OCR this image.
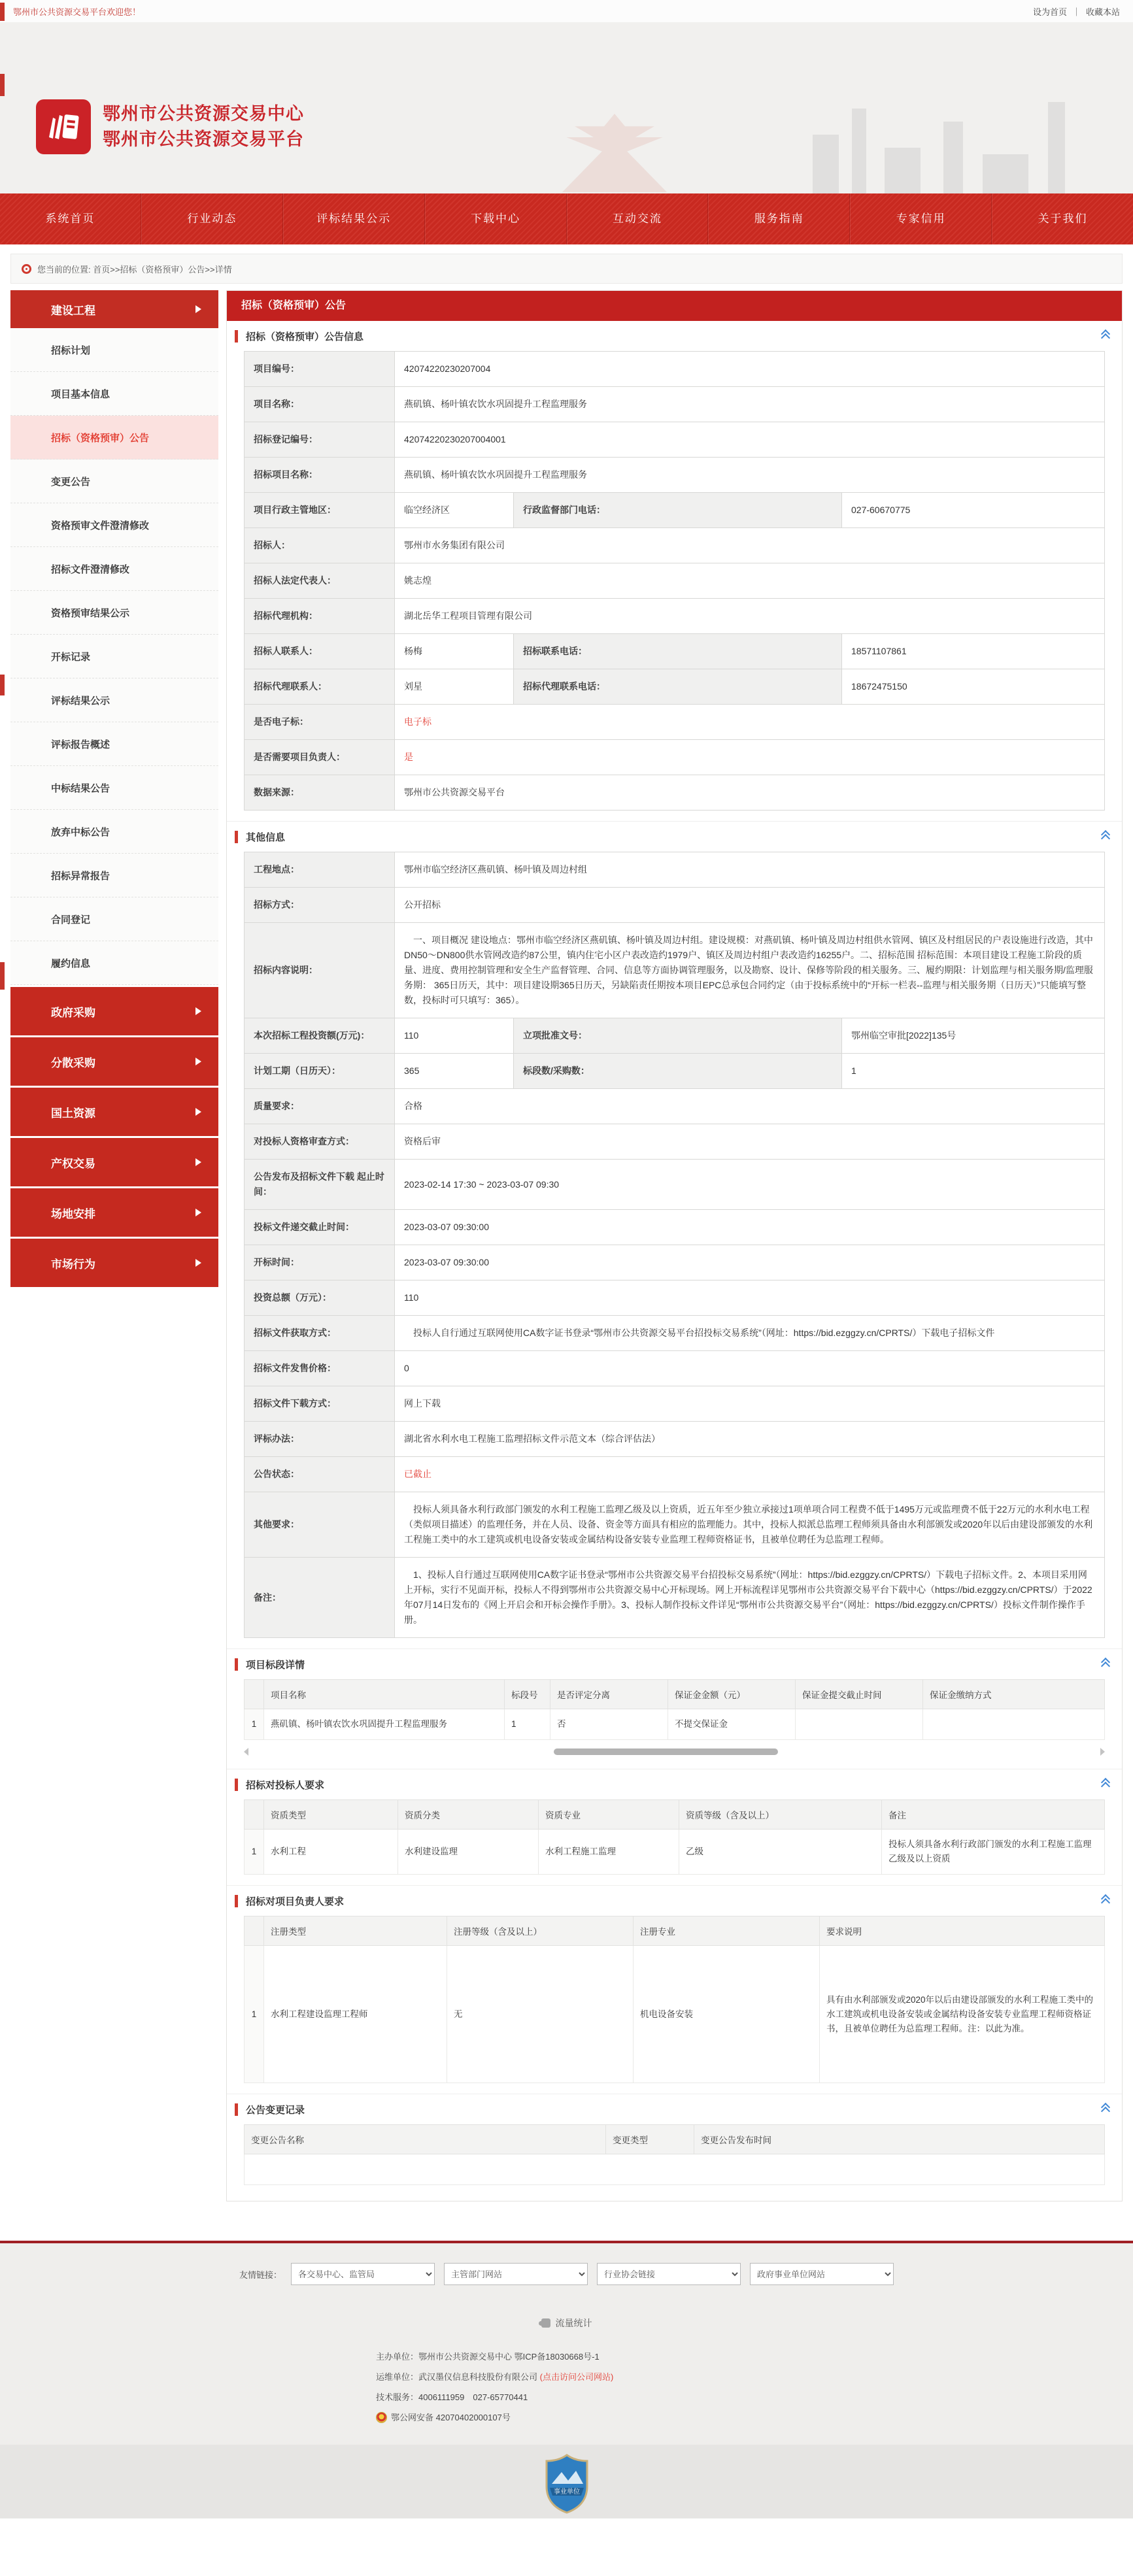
鄂州市公共资源交易平台欢迎您！	设为首页 ｜ 收藏本站
鄂州市公共资源交易中心
鄂州市公共资源交易平台
系统首页	行业动态	评标结果公示	下载中心	互动交流	服务指南	专家信用	关于我们
您当前的位置: 首页>>招标（资格预审）公告>>详情
建设工程
招标计划
项目基本信息
招标（资格预审）公告
变更公告
资格预审文件澄清修改
招标文件澄清修改
资格预审结果公示
开标记录
评标结果公示
评标报告概述
中标结果公告
放弃中标公告
招标异常报告
合同登记
履约信息
政府采购
分散采购
国土资源
产权交易
场地安排
市场行为
招标（资格预审）公告
招标（资格预审）公告信息
项目编号：	42074220230207004		
项目名称：	燕矶镇、杨叶镇农饮水巩固提升工程监理服务		
招标登记编号：	42074220230207004001		
招标项目名称：	燕矶镇、杨叶镇农饮水巩固提升工程监理服务		
项目行政主管地区：	临空经济区	行政监督部门电话：	027-60670775
招标人：	鄂州市水务集团有限公司		
招标人法定代表人：	姚志煌		
招标代理机构：	湖北岳华工程项目管理有限公司		
招标人联系人：	杨梅	招标联系电话：	18571107861
招标代理联系人：	刘星	招标代理联系电话：	18672475150
是否电子标：	电子标		
是否需要项目负责人：	是		
数据来源：	鄂州市公共资源交易平台		
其他信息
工程地点：	鄂州市临空经济区燕矶镇、杨叶镇及周边村组		
招标方式：	公开招标		
招标内容说明：	　一、项目概况 建设地点：鄂州市临空经济区燕矶镇、杨叶镇及周边村组。建设规模：对燕矶镇、杨叶镇及周边村组供水管网、镇区及村组居民的户表设施进行改造，其中DN50～DN800供水管网改造约87公里，镇内住宅小区户表改造约1979户、镇区及周边村组户表改造约16255户。二、招标范围 招标范围：本项目建设工程施工阶段的质量、进度、费用控制管理和安全生产监督管理、合同、信息等方面协调管理服务，以及勘察、设计、保修等阶段的相关服务。三、履约期限：计划监理与相关服务期/监理服务期： 365日历天，其中：项目建设期365日历天，另缺陷责任期按本项目EPC总承包合同约定（由于投标系统中的“开标一栏表--监理与相关服务期（日历天）”只能填写整数，投标时可只填写：365）。		
本次招标工程投资额(万元)：	110	立项批准文号：	鄂州临空审批[2022]135号
计划工期（日历天）：	365	标段数/采购数：	1
质量要求：	合格		
对投标人资格审查方式：	资格后审		
公告发布及招标文件下载 起止时间：	2023-02-14 17:30 ~ 2023-03-07 09:30		
投标文件递交截止时间：	2023-03-07 09:30:00		
开标时间：	2023-03-07 09:30:00		
投资总额（万元）：	110		
招标文件获取方式：	　投标人自行通过互联网使用CA数字证书登录“鄂州市公共资源交易平台招投标交易系统”（网址：https://bid.ezggzy.cn/CPRTS/）下载电子招标文件		
招标文件发售价格：	0		
招标文件下载方式：	网上下载		
评标办法：	湖北省水利水电工程施工监理招标文件示范文本（综合评估法）		
公告状态：	已截止		
其他要求：	　投标人须具备水利行政部门颁发的水利工程施工监理乙级及以上资质，近五年至少独立承接过1项单项合同工程费不低于1495万元或监理费不低于22万元的水利水电工程（类似项目描述）的监理任务，并在人员、设备、资金等方面具有相应的监理能力。其中，投标人拟派总监理工程师须具备由水利部颁发或2020年以后由建设部颁发的水利工程施工类中的水工建筑或机电设备安装或金属结构设备安装专业监理工程师资格证书，且被单位聘任为总监理工程师。		
备注：	　1、投标人自行通过互联网使用CA数字证书登录“鄂州市公共资源交易平台招投标交易系统”（网址：https://bid.ezggzy.cn/CPRTS/）下载电子招标文件。2、本项目采用网上开标，实行不见面开标，投标人不得到鄂州市公共资源交易中心开标现场。网上开标流程详见鄂州市公共资源交易平台下载中心（https://bid.ezggzy.cn/CPRTS/）于2022年07月14日发布的《网上开启会和开标会操作手册》。3、投标人制作投标文件详见“鄂州市公共资源交易平台”（网址：https://bid.ezggzy.cn/CPRTS/）投标文件制作操作手册。		
项目标段详情
	项目名称	标段号	是否评定分离	保证金金额（元）	保证金提交截止时间	保证金缴纳方式
1	燕矶镇、杨叶镇农饮水巩固提升工程监理服务	1	否	不提交保证金		
招标对投标人要求
	资质类型	资质分类	资质专业	资质等级（含及以上）	备注
1	水利工程	水利建设监理	水利工程施工监理	乙级	投标人须具备水利行政部门颁发的水利工程施工监理乙级及以上资质
招标对项目负责人要求
	注册类型	注册等级（含及以上）	注册专业	要求说明
1	水利工程建设监理工程师	无	机电设备安装	具有由水利部颁发或2020年以后由建设部颁发的水利工程施工类中的水工建筑或机电设备安装或金属结构设备安装专业监理工程师资格证书，且被单位聘任为总监理工程师。注：以此为准。
公告变更记录
变更公告名称	变更类型	变更公告发布时间

友情链接：
各交易中心、监管局
主管部门网站
行业协会链接
政府事业单位网站
流量统计
主办单位：鄂州市公共资源交易中心 鄂ICP备18030668号-1
运维单位：武汉墨仪信息科技股份有限公司 (点击访问公司网站)
技术服务：4006111959　027-65770441
鄂公网安备 42070402000107号
事业单位
